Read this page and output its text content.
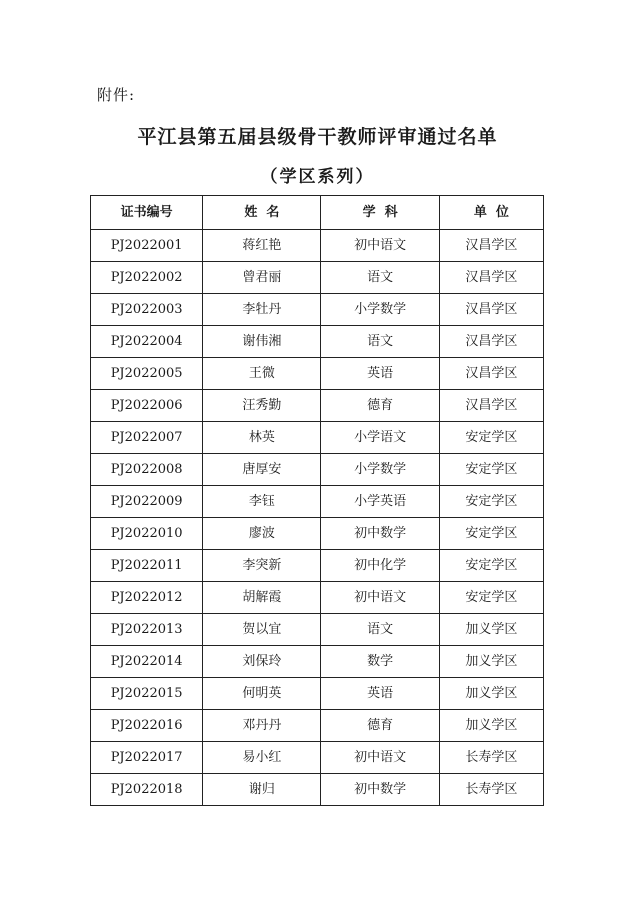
附件:
平江县第五届县级骨干教师评审通过名单
（学区系列）
证书编号	姓  名	学  科	单  位
PJ2022001	蒋红艳	初中语文	汉昌学区
PJ2022002	曾君丽	语文	汉昌学区
PJ2022003	李牡丹	小学数学	汉昌学区
PJ2022004	谢伟湘	语文	汉昌学区
PJ2022005	王微	英语	汉昌学区
PJ2022006	汪秀勤	德育	汉昌学区
PJ2022007	林英	小学语文	安定学区
PJ2022008	唐厚安	小学数学	安定学区
PJ2022009	李钰	小学英语	安定学区
PJ2022010	廖波	初中数学	安定学区
PJ2022011	李突新	初中化学	安定学区
PJ2022012	胡解霞	初中语文	安定学区
PJ2022013	贺以宜	语文	加义学区
PJ2022014	刘保玲	数学	加义学区
PJ2022015	何明英	英语	加义学区
PJ2022016	邓丹丹	德育	加义学区
PJ2022017	易小红	初中语文	长寿学区
PJ2022018	谢归	初中数学	长寿学区
